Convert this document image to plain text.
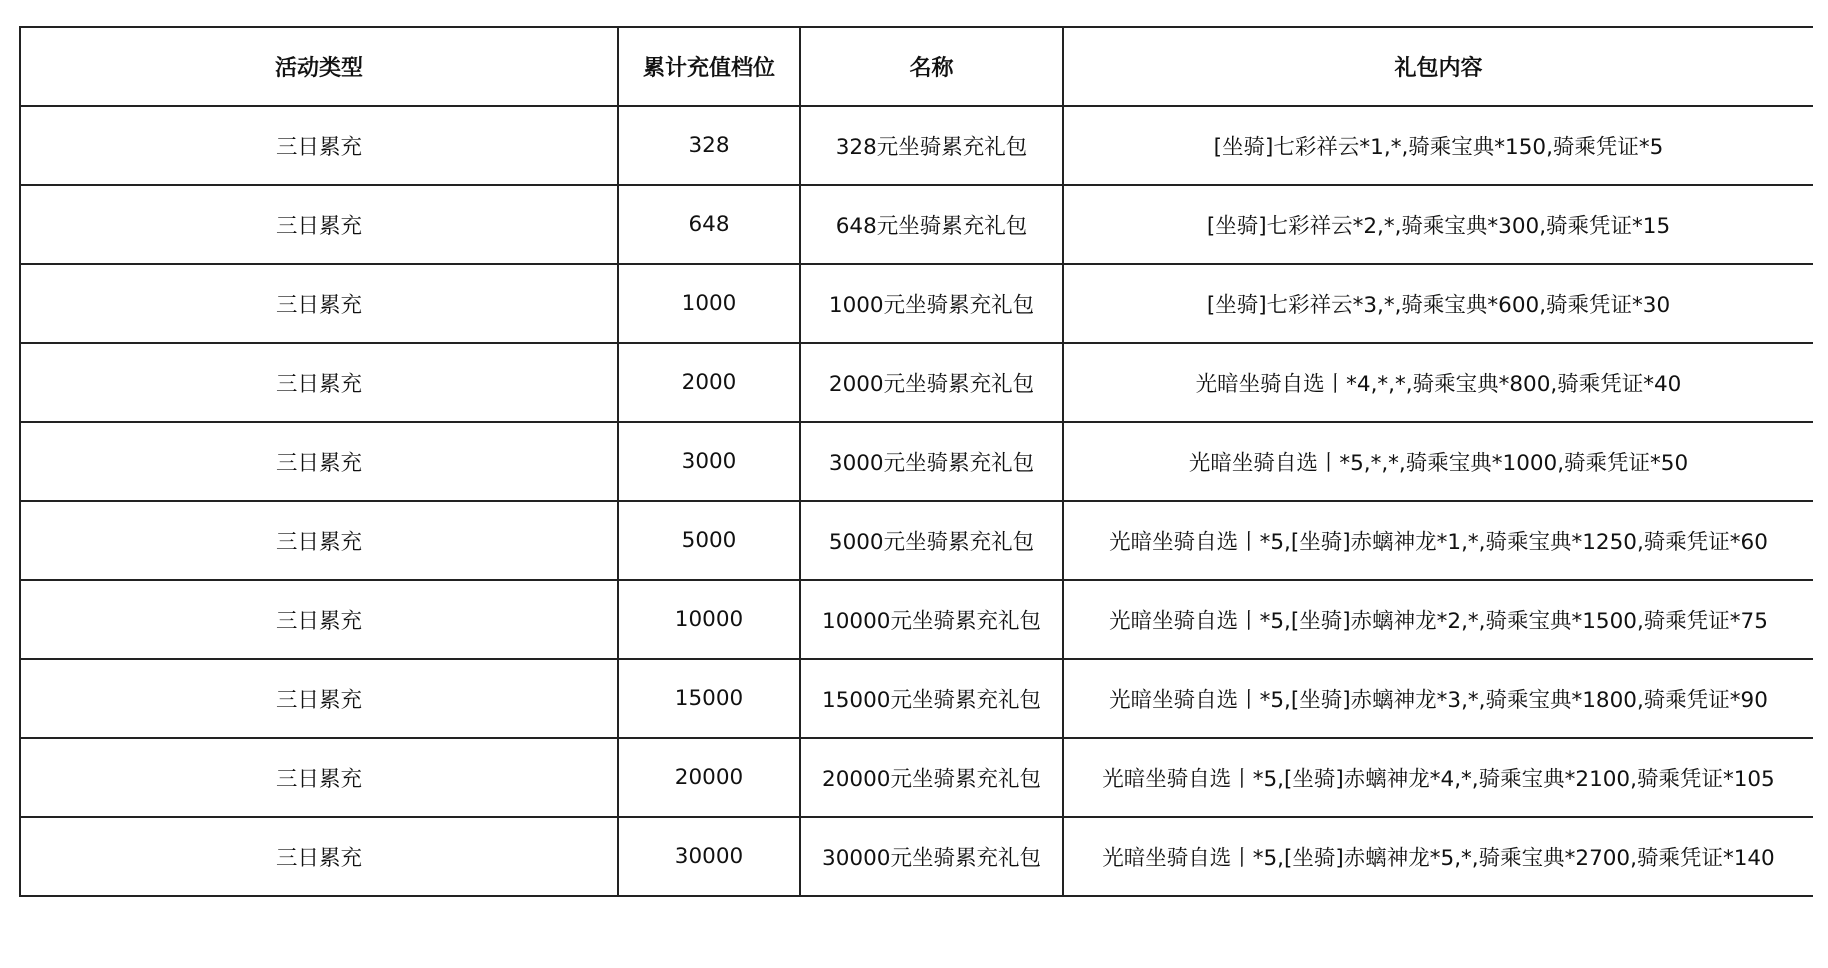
活动类型	累计充值档位	名称	礼包内容
三日累充	328	328元坐骑累充礼包	[坐骑]七彩祥云*1,*,骑乘宝典*150,骑乘凭证*5
三日累充	648	648元坐骑累充礼包	[坐骑]七彩祥云*2,*,骑乘宝典*300,骑乘凭证*15
三日累充	1000	1000元坐骑累充礼包	[坐骑]七彩祥云*3,*,骑乘宝典*600,骑乘凭证*30
三日累充	2000	2000元坐骑累充礼包	光暗坐骑自选丨*4,*,*,骑乘宝典*800,骑乘凭证*40
三日累充	3000	3000元坐骑累充礼包	光暗坐骑自选丨*5,*,*,骑乘宝典*1000,骑乘凭证*50
三日累充	5000	5000元坐骑累充礼包	光暗坐骑自选丨*5,[坐骑]赤螭神龙*1,*,骑乘宝典*1250,骑乘凭证*60
三日累充	10000	10000元坐骑累充礼包	光暗坐骑自选丨*5,[坐骑]赤螭神龙*2,*,骑乘宝典*1500,骑乘凭证*75
三日累充	15000	15000元坐骑累充礼包	光暗坐骑自选丨*5,[坐骑]赤螭神龙*3,*,骑乘宝典*1800,骑乘凭证*90
三日累充	20000	20000元坐骑累充礼包	光暗坐骑自选丨*5,[坐骑]赤螭神龙*4,*,骑乘宝典*2100,骑乘凭证*105
三日累充	30000	30000元坐骑累充礼包	光暗坐骑自选丨*5,[坐骑]赤螭神龙*5,*,骑乘宝典*2700,骑乘凭证*140
